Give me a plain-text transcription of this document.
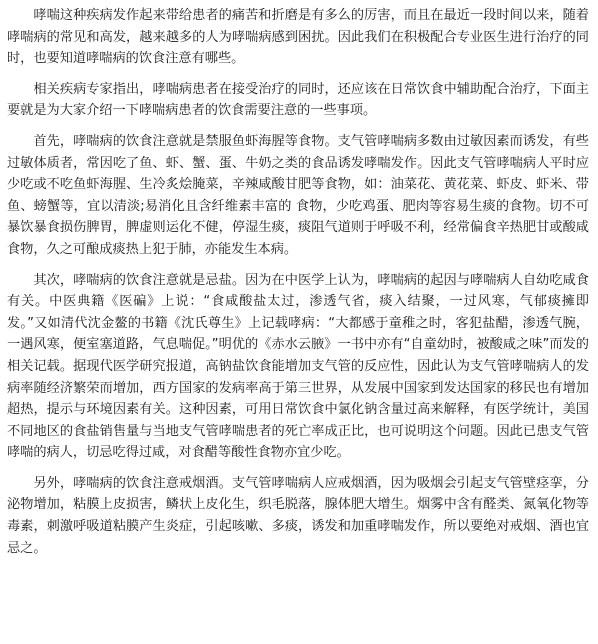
哮喘这种疾病发作起来带给患者的痛苦和折磨是有多么的厉害，而且在最近一段时间以来，随着哮喘病的常见和高发，越来越多的人为哮喘病感到困扰。因此我们在积极配合专业医生进行治疗的同时，也要知道哮喘病的饮食注意有哪些。

相关疾病专家指出，哮喘病患者在接受治疗的同时，还应该在日常饮食中辅助配合治疗，下面主要就是为大家介绍一下哮喘病患者的饮食需要注意的一些事项。

首先，哮喘病的饮食注意就是禁服鱼虾海腥等食物。支气管哮喘病多数由过敏因素而诱发，有些过敏体质者，常因吃了鱼、虾、蟹、蛋、牛奶之类的食品诱发哮喘发作。因此支气管哮喘病人平时应少吃或不吃鱼虾海腥、生冷炙烩腌菜，辛辣咸酸甘肥等食物，如：油菜花、黄花菜、虾皮、虾米、带鱼、螃蟹等，宜以清淡;易消化且含纤维素丰富的 食物，少吃鸡蛋、肥肉等容易生痰的食物。切不可暴饮暴食损伤脾胃，脾虚则运化不健，停湿生痰，痰阻气道则于呼吸不利，经常偏食辛热肥甘或酸咸食物，久之可酿成痰热上犯于肺，亦能发生本病。

其次，哮喘病的饮食注意就是忌盐。因为在中医学上认为，哮喘病的起因与哮喘病人自幼吃咸食有关。中医典籍《医碥》上说：“食咸酸盐太过，渗透气省，痰入结聚，一过风寒，气郁痰擁即发。”又如清代沈金鳌的书籍《沈氏尊生》上记载哮病：“大都感于童稚之时，客犯盐醋，渗透气腕，一遇风寒，便室塞道路，气息喘促。”明优的《赤水云腋》一书中亦有“自童幼时，被酸咸之味”而发的相关记载。据现代医学研究报道，高钠盐饮食能增加支气管的反应性，因此认为支气管哮喘病人的发病率随经济繁荣而增加，西方国家的发病率高于第三世界，从发展中国家到发达国家的移民也有增加超热，提示与环境因素有关。这种因素，可用日常饮食中氯化钠含量过高来解释，有医学统计，美国不同地区的食盐销售量与当地支气管哮喘患者的死亡率成正比，也可说明这个问题。因此已患支气管哮喘的病人，切忌吃得过咸，对食醋等酸性食物亦宜少吃。

另外，哮喘病的饮食注意戒烟酒。支气管哮喘病人应戒烟酒，因为吸烟会引起支气管壁痉挛，分泌物增加，粘膜上皮损害，鳞状上皮化生，织毛脱落，腺体肥大增生。烟雾中含有醛类、氮氧化物等毒素，刺激呼吸道粘膜产生炎症，引起咳嗽、多痰，诱发和加重哮喘发作，所以要绝对戒烟、酒也宜忌之。
